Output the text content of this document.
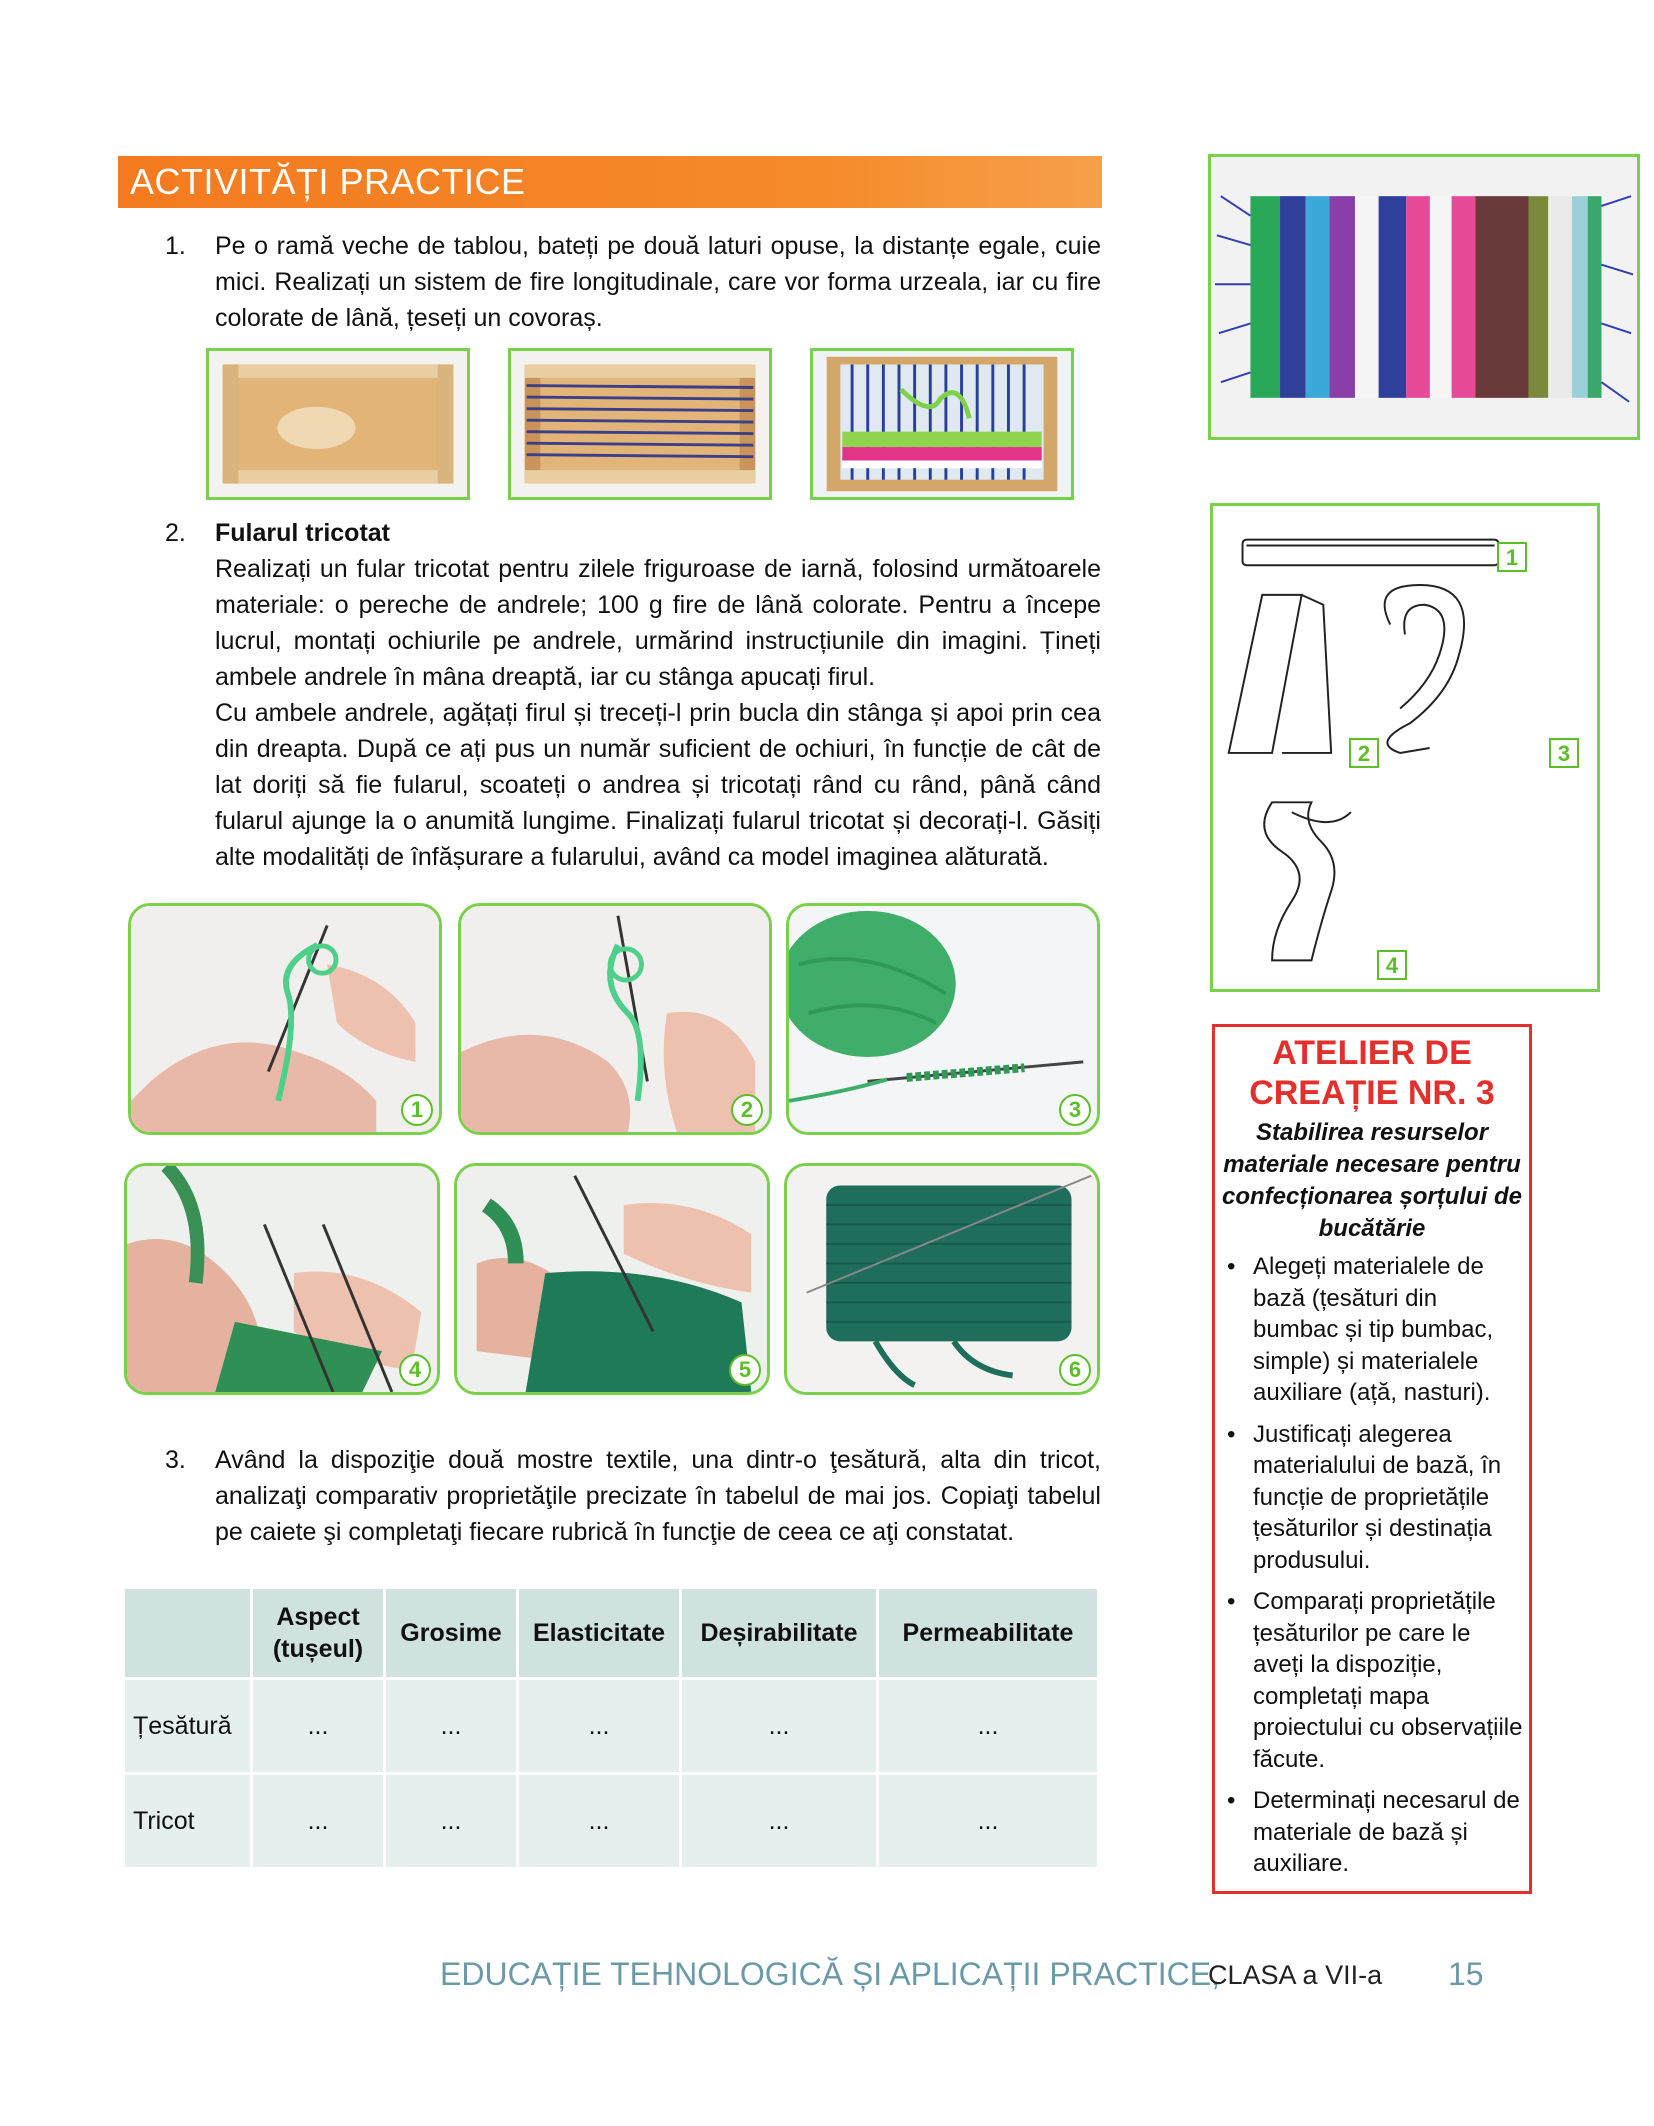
ACTIVITĂȚI PRACTICE
1. Pe o ramă veche de tablou, bateți pe două laturi opuse, la distanțe egale, cuie mici. Realizați un sistem de fire longitudinale, care vor forma urzeala, iar cu fire colorate de lână, țeseți un covoraș.
2. Fularul tricotat
Realizați un fular tricotat pentru zilele friguroase de iarnă, folosind următoarele materiale: o pereche de andrele; 100 g fire de lână colorate. Pentru a începe lucrul, montați ochiurile pe andrele, urmărind instrucțiunile din imagini. Țineți ambele andrele în mâna dreaptă, iar cu stânga apucați firul.
Cu ambele andrele, agățați firul și treceți-l prin bucla din stânga și apoi prin cea din dreapta. După ce ați pus un număr suficient de ochiuri, în funcție de cât de lat doriți să fie fularul, scoateți o andrea și tricotați rând cu rând, până când fularul ajunge la o anumită lungime. Finalizați fularul tricotat și decorați-l. Găsiți alte modalități de înfășurare a fularului, având ca model imaginea alăturată.
1	2	3
4	5	6
3. Având la dispoziţie două mostre textile, una dintr-o ţesătură, alta din tricot, analizaţi comparativ proprietăţile precizate în tabelul de mai jos. Copiaţi tabelul pe caiete şi completaţi fiecare rubrică în funcţie de ceea ce aţi constatat.
	Aspect (tușeul)	Grosime	Elasticitate	Deșirabilitate	Permeabilitate
Țesătură	...	...	...	...	...
Tricot	...	...	...	...	...
1
2	3
4
ATELIER DE
CREAȚIE NR. 3
Stabilirea resurselor materiale necesare pentru confecționarea șorțului de bucătărie
• Alegeți materialele de bază (țesături din bumbac și tip bumbac, simple) și materialele auxiliare (ață, nasturi).
• Justificați alegerea materialului de bază, în funcție de proprietățile țesăturilor și destinația produsului.
• Comparați proprietățile țesăturilor pe care le aveți la dispoziție, completați mapa proiectului cu observațiile făcute.
• Determinați necesarul de materiale de bază și auxiliare.
EDUCAȚIE TEHNOLOGICĂ ȘI APLICAȚII PRACTICE,
CLASA a VII-a 15
